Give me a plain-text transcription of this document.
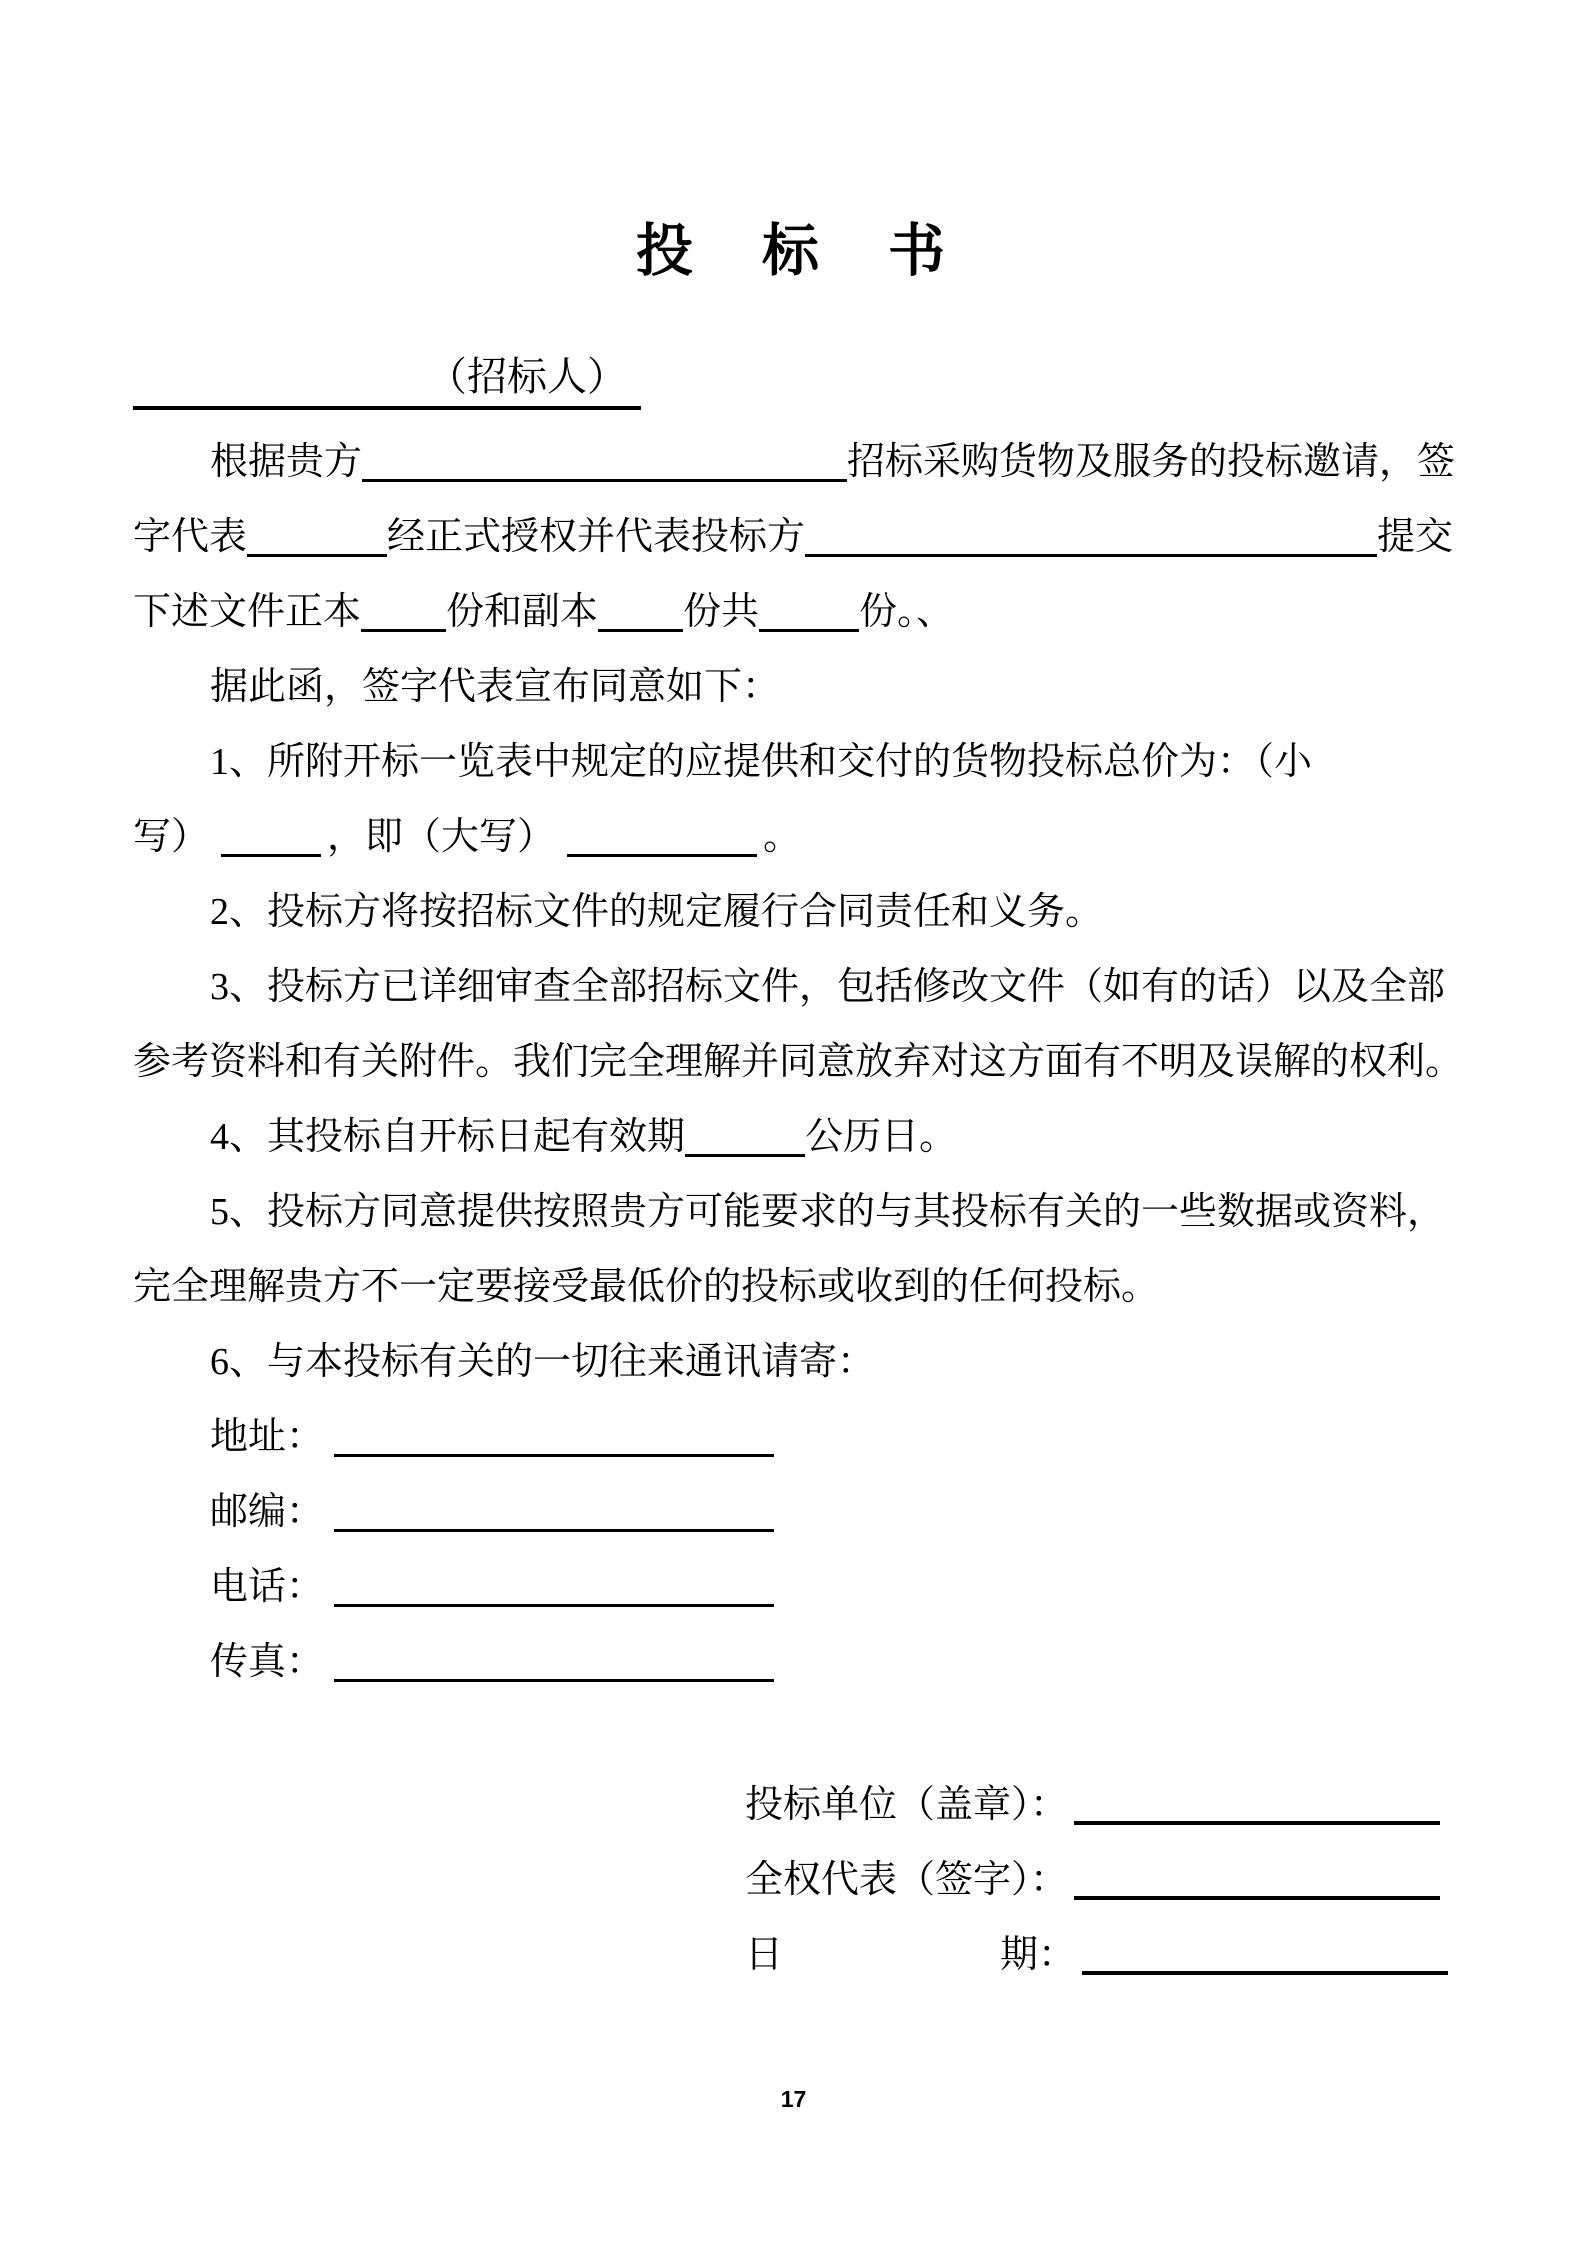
投　标　书
（招标人）
根据贵方	招标采购货物及服务的投标邀请，签
字代表	经正式授权并代表投标方	提交
下述文件正本 份和副本 份共	份。、
据此函，签字代表宣布同意如下：
1、所附开标一览表中规定的应提供和交付的货物投标总价为：（小
写）	，即（大写）	。
2、投标方将按招标文件的规定履行合同责任和义务。
3、投标方已详细审查全部招标文件，包括修改文件（如有的话）以及全部
参考资料和有关附件。我们完全理解并同意放弃对这方面有不明及误解的权利。
4、其投标自开标日起有效期	公历日。
5、投标方同意提供按照贵方可能要求的与其投标有关的一些数据或资料，
完全理解贵方不一定要接受最低价的投标或收到的任何投标。
6、与本投标有关的一切往来通讯请寄：
地址：
邮编：
电话：
传真：
投标单位（盖章）：
全权代表（签字）：
日	期：
17
